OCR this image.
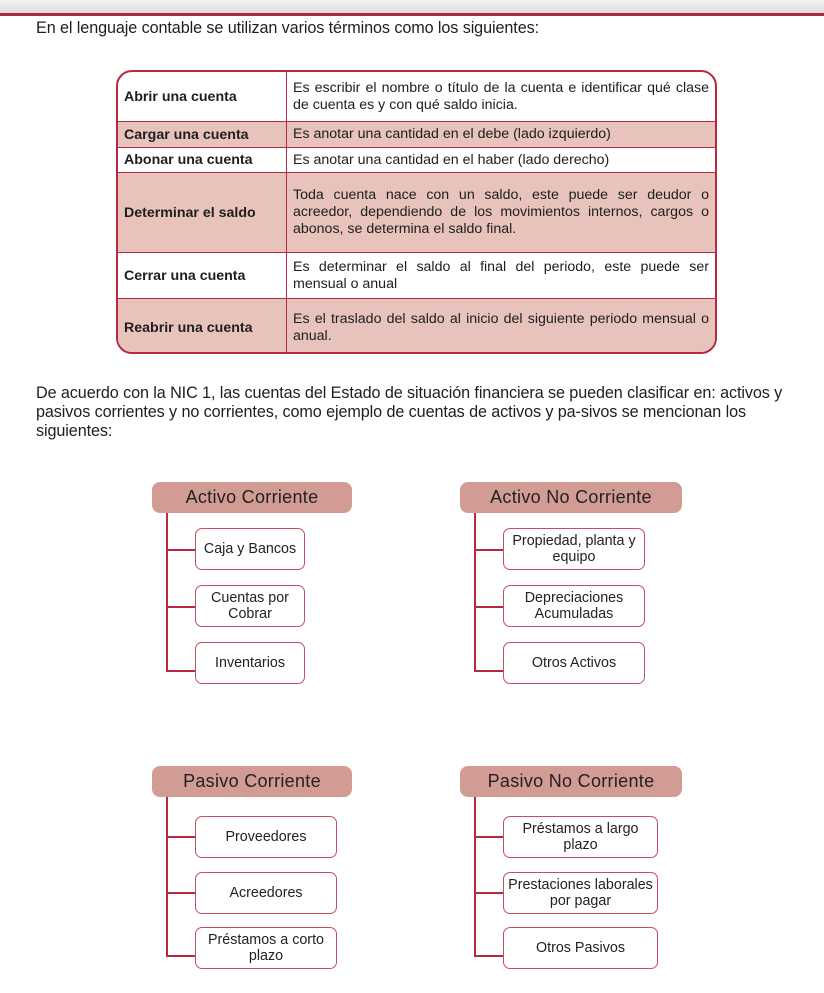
En el lenguaje contable se utilizan varios términos como los siguientes:
Abrir una cuenta
Es escribir el nombre o título de la cuenta e identificar qué clase de cuenta es y con qué saldo inicia.
Cargar una cuenta	Es anotar una cantidad en el debe (lado izquierdo)
Abonar una cuenta	Es anotar una cantidad en el haber (lado derecho)
Determinar el saldo
Toda cuenta nace con un saldo, este puede ser deudor o acreedor, dependiendo de los movimientos internos, cargos o abonos, se determina el saldo final.
Cerrar una cuenta
Es determinar el saldo al final del periodo, este puede ser mensual o anual
Reabrir una cuenta
Es el traslado del saldo al inicio del siguiente periodo mensual o anual.
De acuerdo con la NIC 1, las cuentas del Estado de situación financiera se pueden clasificar en: activos y pasivos corrientes y no corrientes, como ejemplo de cuentas de activos y pa-sivos se mencionan los siguientes:
Activo Corriente
Caja y Bancos
Cuentas por Cobrar
Inventarios
Activo No Corriente
Propiedad, planta y equipo
Depreciaciones Acumuladas
Otros Activos
Pasivo Corriente
Proveedores
Acreedores
Préstamos a corto plazo
Pasivo No Corriente
Préstamos a largo plazo
Prestaciones laborales por pagar
Otros Pasivos
